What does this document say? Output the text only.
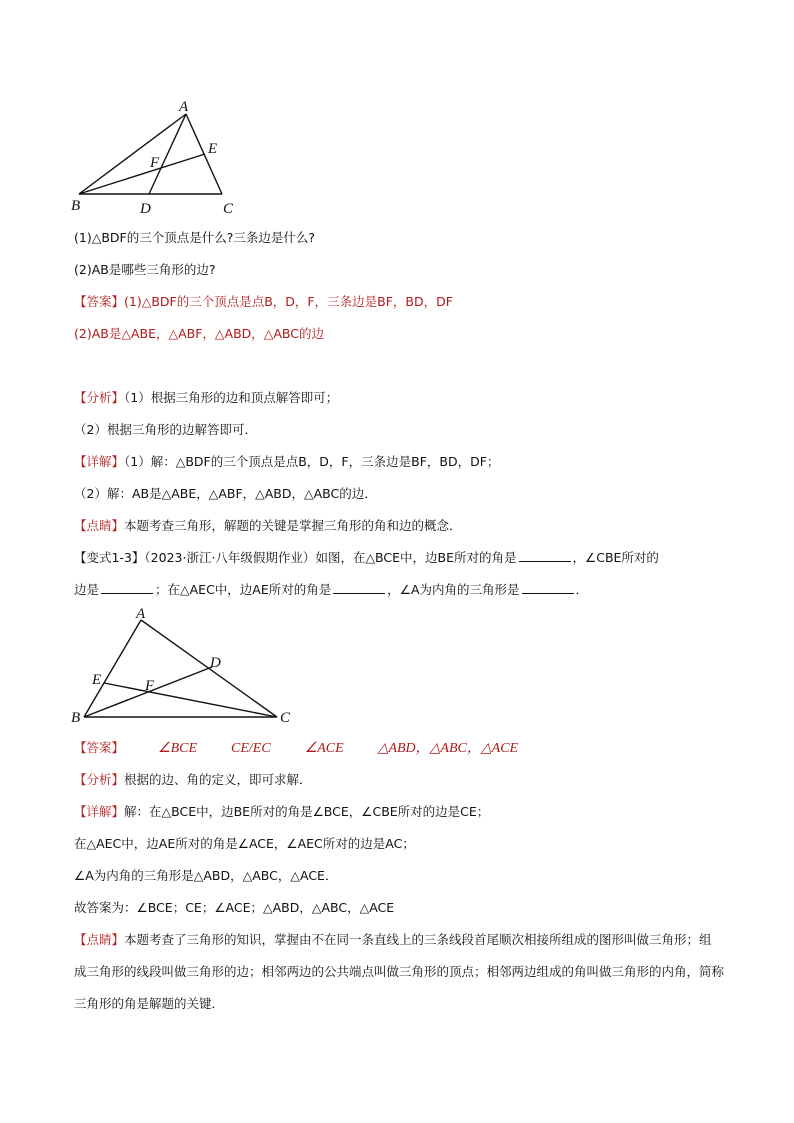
A
B	C
D
E
F
(1)△BDF的三个顶点是什么?三条边是什么?
(2)AB是哪些三角形的边?
【答案】(1)△BDF的三个顶点是点B，D，F，三条边是BF，BD，DF
(2)AB是△ABE，△ABF，△ABD，△ABC的边
【分析】（1）根据三角形的边和顶点解答即可；
（2）根据三角形的边解答即可．
【详解】（1）解：△BDF的三个顶点是点B，D，F，三条边是BF，BD，DF；
（2）解：AB是△ABE，△ABF，△ABD，△ABC的边．
【点睛】本题考查三角形，解题的关键是掌握三角形的角和边的概念．
【变式1-3】（2023·浙江·八年级假期作业）如图，在△BCE中，边BE所对的角是	，∠CBE所对的
边是	；在△AEC中，边AE所对的角是	，∠A为内角的三角形是	．
A
B	C
D
E	F
【答案】 ∠BCE CE/EC ∠ACE △ABD，△ABC，△ACE
【分析】根据的边、角的定义，即可求解．
【详解】解：在△BCE中，边BE所对的角是∠BCE，∠CBE所对的边是CE；
在△AEC中，边AE所对的角是∠ACE，∠AEC所对的边是AC；
∠A为内角的三角形是△ABD，△ABC，△ACE．
故答案为：∠BCE；CE；∠ACE；△ABD，△ABC，△ACE
【点睛】本题考查了三角形的知识，掌握由不在同一条直线上的三条线段首尾顺次相接所组成的图形叫做三角形；组成三角形的线段叫做三角形的边；相邻两边的公共端点叫做三角形的顶点；相邻两边组成的角叫做三角形的内角，简称三角形的角是解题的关键．
